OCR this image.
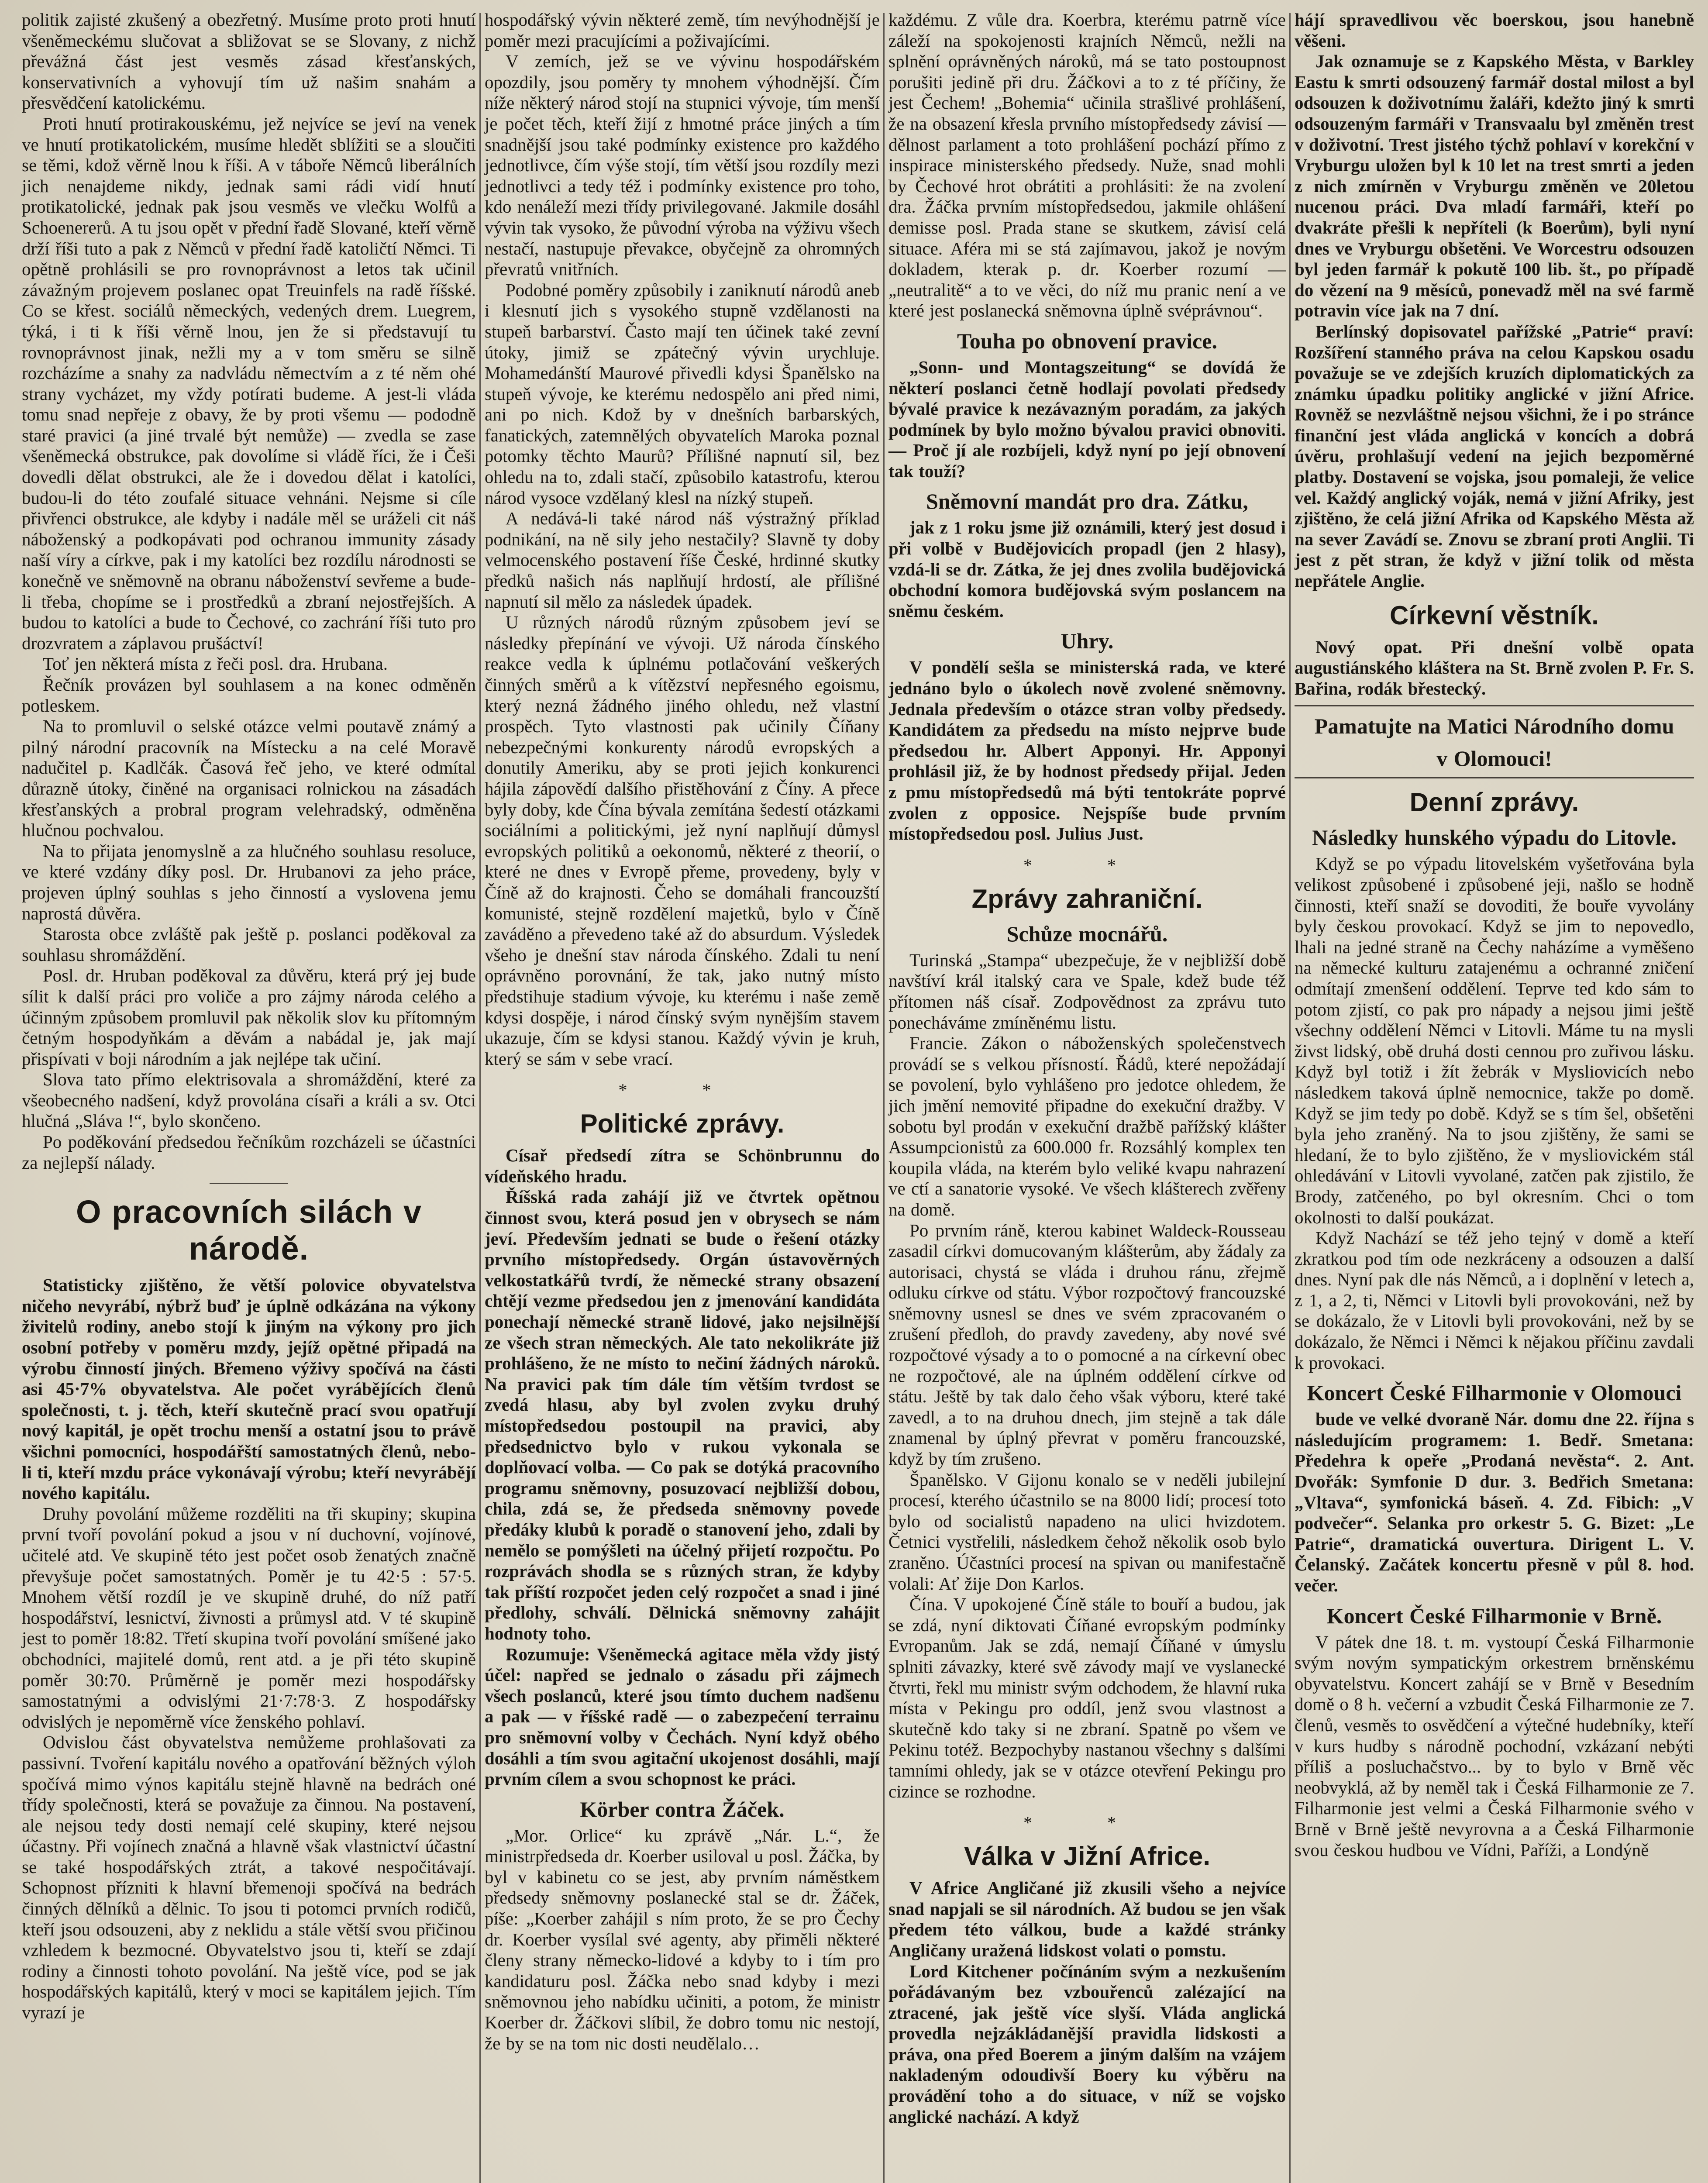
politik zajisté zkušený a obezřetný. Musíme proto proti hnutí všeněmeckému slučovat a sbližovat se se Slovany, z nichž převážná část jest vesměs zásad křesťanských, konservativních a vyhovují tím už našim snahám a přesvědčení katolickému.

Proti hnutí protirakouskému, jež nejvíce se jeví na venek ve hnutí protikatolickém, musíme hledět sblížiti se a sloučiti se těmi, kdož věrně lnou k říši. A v táboře Němců liberálních jich nenajdeme nikdy, jednak sami rádi vidí hnutí protikatolické, jednak pak jsou vesměs ve vlečku Wolfů a Schoenererů. A tu jsou opět v přední řadě Slované, kteří věrně drží říši tuto a pak z Němců v přední řadě katoličtí Němci. Ti opětně prohlásili se pro rovnoprávnost a letos tak učinil závažným projevem poslanec opat Treuinfels na radě říšské. Co se křest. sociálů německých, vedených drem. Luegrem, týká, i ti k říši věrně lnou, jen že si představují tu rovnoprávnost jinak, nežli my a v tom směru se silně rozcházíme a snahy za nadvládu němectvím a z té něm ohé strany vycházet, my vždy potírati budeme. A jest-li vláda tomu snad nepřeje z obavy, že by proti všemu — pododně staré pravici (a jiné trvalé být nemůže) — zvedla se zase všeněmecká obstrukce, pak dovolíme si vládě říci, že i Češi dovedli dělat obstrukci, ale že i dovedou dělat i katolíci, budou-li do této zoufalé situace vehnáni. Nejsme si cíle přivřenci obstrukce, ale kdyby i nadále měl se uráželi cit náš náboženský a podkopávati pod ochranou immunity zásady naší víry a církve, pak i my katolíci bez rozdílu národnosti se konečně ve sněmovně na obranu náboženství sevřeme a bude-li třeba, chopíme se i prostředků a zbraní nejostřejších. A budou to katolíci a bude to Čechové, co zachrání říši tuto pro drozvratem a záplavou prušáctví!

Toť jen některá místa z řeči posl. dra. Hrubana.

Řečník provázen byl souhlasem a na konec odměněn potleskem.

Na to promluvil o selské otázce velmi poutavě známý a pilný národní pracovník na Místecku a na celé Moravě nadučitel p. Kadlčák. Časová řeč jeho, ve které odmítal důrazně útoky, činěné na organisaci rolnickou na zásadách křesťanských a probral program velehradský, odměněna hlučnou pochvalou.

Na to přijata jenomyslně a za hlučného souhlasu resoluce, ve které vzdány díky posl. Dr. Hrubanovi za jeho práce, projeven úplný souhlas s jeho činností a vyslovena jemu naprostá důvěra.

Starosta obce zvláště pak ještě p. poslanci poděkoval za souhlasu shromáždění.

Posl. dr. Hruban poděkoval za důvěru, která prý jej bude sílit k další práci pro voliče a pro zájmy národa celého a účinným způsobem promluvil pak několik slov ku přítomným četným hospodyňkám a děvám a nabádal je, jak mají přispívati v boji národním a jak nejlépe tak učiní.

Slova tato přímo elektrisovala a shromáždění, které za všeobecného nadšení, když provolána císaři a králi a sv. Otci hlučná „Sláva !“, bylo skončeno.

Po poděkování předsedou řečníkům rozcházeli se účastníci za nejlepší nálady.

O pracovních silách v národě.

Statisticky zjištěno, že větší polovice obyvatelstva ničeho nevyrábí, nýbrž buď je úplně odkázána na výkony živitelů rodiny, anebo stojí k jiným na výkony pro jich osobní potřeby v poměru mzdy, jejíž opětné připadá na výrobu činností jiných. Břemeno výživy spočívá na části asi 45·7% obyvatelstva. Ale počet vyrábějících členů společnosti, t. j. těch, kteří skutečně prací svou opatřují nový kapitál, je opět trochu menší a ostatní jsou to právě všichni pomocníci, hospodářští samostatných členů, nebo-li ti, kteří mzdu práce vykonávají výrobu; kteří nevyrábějí nového kapitálu.

Druhy povolání můžeme rozděliti na tři skupiny; skupina první tvoří povolání pokud a jsou v ní duchovní, vojínové, učitelé atd. Ve skupině této jest počet osob ženatých značně převyšuje počet samostatných. Poměr je tu 42·5 : 57·5. Mnohem větší rozdíl je ve skupině druhé, do níž patří hospodářství, lesnictví, živnosti a průmysl atd. V té skupině jest to poměr 18:82. Třetí skupina tvoří povolání smíšené jako obchodníci, majitelé domů, rent atd. a je při této skupině poměr 30:70. Průměrně je poměr mezi hospodářsky samostatnými a odvislými 21·7:78·3. Z hospodářsky odvislých je nepoměrně více ženského pohlaví.

Odvislou část obyvatelstva nemůžeme prohlašovati za passivní. Tvoření kapitálu nového a opatřování běžných výloh spočívá mimo výnos kapitálu stejně hlavně na bedrách oné třídy společnosti, která se považuje za činnou. Na postavení, ale nejsou tedy dosti nemají celé skupiny, které nejsou účastny. Při vojínech značná a hlavně však vlastnictví účastní se také hospodářských ztrát, a takové nespočitávají. Schopnost přízniti k hlavní břemenoji spočívá na bedrách činných dělníků a dělnic. To jsou ti potomci prvních rodičů, kteří jsou odsouzeni, aby z neklidu a stále větší svou přičinou vzhledem k bezmocné. Obyvatelstvo jsou ti, kteří se zdají rodiny a činnosti tohoto povolání. Na ještě více, pod se jak hospodářských kapitálů, který v moci se kapitálem jejich. Tím vyrazí je

hospodářský vývin některé země, tím nevýhodnější je poměr mezi pracujícími a poživajícími.

V zemích, jež se ve vývinu hospodářském opozdily, jsou poměry ty mnohem výhodnější. Čím níže některý národ stojí na stupnici vývoje, tím menší je počet těch, kteří žijí z hmotné práce jiných a tím snadnější jsou také podmínky existence pro každého jednotlivce, čím výše stojí, tím větší jsou rozdíly mezi jednotlivci a tedy též i podmínky existence pro toho, kdo nenáleží mezi třídy privilegované. Jakmile dosáhl vývin tak vysoko, že původní výroba na výživu všech nestačí, nastupuje převakce, obyčejně za ohromných převratů vnitřních.

Podobné poměry způsobily i zaniknutí národů aneb i klesnutí jich s vysokého stupně vzdělanosti na stupeň barbarství. Často mají ten účinek také zevní útoky, jimiž se zpátečný vývin urychluje. Mohamedánští Maurové přivedli kdysi Španělsko na stupeň vývoje, ke kterému nedospělo ani před nimi, ani po nich. Kdož by v dnešních barbarských, fanatických, zatemnělých obyvatelích Maroka poznal potomky těchto Maurů? Přílišné napnutí sil, bez ohledu na to, zdali stačí, způsobilo katastrofu, kterou národ vysoce vzdělaný klesl na nízký stupeň.

A nedává-li také národ náš výstražný příklad podnikání, na ně sily jeho nestačily? Slavně ty doby velmocenského postavení říše České, hrdinné skutky předků našich nás naplňují hrdostí, ale přílišné napnutí sil mělo za následek úpadek.

U různých národů různým způsobem jeví se následky přepínání ve vývoji. Už národa čínského reakce vedla k úplnému potlačování veškerých činných směrů a k vítězství nepřesného egoismu, který nezná žádného jiného ohledu, než vlastní prospěch. Tyto vlastnosti pak učinily Číňany nebezpečnými konkurenty národů evropských a donutily Ameriku, aby se proti jejich konkurenci hájila zápovědí dalšího přistěhování z Číny. A přece byly doby, kde Čína bývala zemítána šedestí otázkami sociálními a politickými, jež nyní naplňují důmysl evropských politiků a oekonomů, některé z theorií, o které ne dnes v Evropě přeme, provedeny, byly v Číně až do krajnosti. Čeho se domáhali francouzští komunisté, stejně rozdělení majetků, bylo v Číně zaváděno a převedeno také až do absurdum. Výsledek všeho je dnešní stav národa čínského. Zdali tu není oprávněno porovnání, že tak, jako nutný místo předstihuje stadium vývoje, ku kterému i naše země kdysi dospěje, i národ čínský svým nynějším stavem ukazuje, čím se kdysi stanou. Každý vývin je kruh, který se sám v sebe vrací.

* *
Politické zprávy.

Císař předsedí zítra se Schönbrunnu do vídeňského hradu.

Říšská rada zahájí již ve čtvrtek opětnou činnost svou, která posud jen v obrysech se nám jeví. Především jednati se bude o řešení otázky prvního místopředsedy. Orgán ústavověrných velkostatkářů tvrdí, že německé strany obsazení chtějí vezme předsedou jen z jmenování kandidáta ponechají německé straně lidové, jako nejsilnější ze všech stran německých. Ale tato nekolikráte již prohlášeno, že ne místo to nečiní žádných nároků. Na pravici pak tím dále tím větším tvrdost se zvedá hlasu, aby byl zvolen zvyku druhý místopředsedou postoupil na pravici, aby předsednictvo bylo v rukou vykonala se doplňovací volba. — Co pak se dotýká pracovního programu sněmovny, posuzovací nejbližší dobou, chila, zdá se, že předseda sněmovny povede předáky klubů k poradě o stanovení jeho, zdali by nemělo se pomýšleti na účelný přijetí rozpočtu. Po rozprávách shodla se s různých stran, že kdyby tak příští rozpočet jeden celý rozpočet a snad i jiné předlohy, schválí. Dělnická sněmovny zahájit hodnoty toho.

Rozumuje: Všeněmecká agitace měla vždy jistý účel: napřed se jednalo o zásadu při zájmech všech poslanců, které jsou tímto duchem nadšenu a pak — v říšské radě — o zabezpečení terrainu pro sněmovní volby v Čechách. Nyní když obého dosáhli a tím svou agitační ukojenost dosáhli, mají prvním cílem a svou schopnost ke práci.

Körber contra Žáček.

„Mor. Orlice“ ku zprávě „Nár. L.“, že ministrpředseda dr. Koerber usiloval u posl. Žáčka, by byl v kabinetu co se jest, aby prvním náměstkem předsedy sněmovny poslanecké stal se dr. Žáček, píše: „Koerber zahájil s ním proto, že se pro Čechy dr. Koerber vysílal své agenty, aby přiměli některé členy strany německo-lidové a kdyby to i tím pro kandidaturu posl. Žáčka nebo snad kdyby i mezi sněmovnou jeho nabídku učiniti, a potom, že ministr Koerber dr. Žáčkovi slíbil, že dobro tomu nic nestojí, že by se na tom nic dosti neudělalo…

každému. Z vůle dra. Koerbra, kterému patrně více záleží na spokojenosti krajních Němců, nežli na splnění oprávněných nároků, má se tato postoupnost porušiti jedině při dru. Žáčkovi a to z té příčiny, že jest Čechem! „Bohemia“ učinila strašlivé prohlášení, že na obsazení křesla prvního místopředsedy závisí — dělnost parlament a toto prohlášení pochází přímo z inspirace ministerského předsedy. Nuže, snad mohli by Čechové hrot obrátiti a prohlásiti: že na zvolení dra. Žáčka prvním místopředsedou, jakmile ohlášení demisse posl. Prada stane se skutkem, závisí celá situace. Aféra mi se stá zajímavou, jakož je novým dokladem, kterak p. dr. Koerber rozumí — „neutralitě“ a to ve věci, do níž mu pranic není a ve které jest poslanecká sněmovna úplně svéprávnou“.

Touha po obnovení pravice.

„Sonn- und Montagszeitung“ se dovídá že některí poslanci četně hodlají povolati předsedy bývalé pravice k nezávazným poradám, za jakých podmínek by bylo možno bývalou pravici obnoviti. — Proč jí ale rozbíjeli, když nyní po její obnovení tak touží?

Sněmovní mandát pro dra. Zátku,

jak z 1 roku jsme již oznámili, který jest dosud i při volbě v Budějovicích propadl (jen 2 hlasy), vzdá-li se dr. Zátka, že jej dnes zvolila budějovická obchodní komora budějovská svým poslancem na sněmu českém.

Uhry.

V pondělí sešla se ministerská rada, ve které jednáno bylo o úkolech nově zvolené sněmovny. Jednala především o otázce stran volby předsedy. Kandidátem za předsedu na místo nejprve bude předsedou hr. Albert Apponyi. Hr. Apponyi prohlásil již, že by hodnost předsedy přijal. Jeden z pmu místopředsedů má býti tentokráte poprvé zvolen z opposice. Nejspíše bude prvním místopředsedou posl. Julius Just.

* *
Zprávy zahraniční.
Schůze mocnářů.

Turinská „Stampa“ ubezpečuje, že v nejbližší době navštíví král italský cara ve Spale, kdež bude též přítomen náš císař. Zodpovědnost za zprávu tuto ponecháváme zmíněnému listu.

Francie. Zákon o náboženských společenstvech provádí se s velkou přísností. Řádů, které nepožádají se povolení, bylo vyhlášeno pro jedotce ohledem, že jich jmění nemovité připadne do exekuční dražby. V sobotu byl prodán v exekuční dražbě pařížský klášter Assumpcionistů za 600.000 fr. Rozsáhlý komplex ten koupila vláda, na kterém bylo veliké kvapu nahrazení ve ctí a sanatorie vysoké. Ve všech klášterech zvěřeny na domě.

Po prvním ráně, kterou kabinet Waldeck-Rousseau zasadil církvi domucovaným klášterům, aby žádaly za autorisaci, chystá se vláda i druhou ránu, zřejmě odluku církve od státu. Výbor rozpočtový francouzské sněmovny usnesl se dnes ve svém zpracovaném o zrušení předloh, do pravdy zavedeny, aby nové své rozpočtové výsady a to o pomocné a na církevní obec ne rozpočtové, ale na úplném oddělení církve od státu. Ještě by tak dalo čeho však výboru, které také zavedl, a to na druhou dnech, jim stejně a tak dále znamenal by úplný převrat v poměru francouzské, když by tím zrušeno.

Španělsko. V Gijonu konalo se v neděli jubilejní procesí, kterého účastnilo se na 8000 lidí; procesí toto bylo od socialistů napadeno na ulici hvizdotem. Četnici vystřelili, následkem čehož několik osob bylo zraněno. Účastníci procesí na spivan ou manifestačně volali: Ať žije Don Karlos.

Čína. V upokojené Číně stále to bouří a budou, jak se zdá, nyní diktovati Číňané evropským podmínky Evropanům. Jak se zdá, nemají Číňané v úmyslu splniti závazky, které svě závody mají ve vyslanecké čtvrti, řekl mu ministr svým odchodem, že hlavní ruka místa v Pekingu pro oddíl, jenž svou vlastnost a skutečně kdo taky si ne zbraní. Spatně po všem ve Pekinu totéž. Bezpochyby nastanou všechny s dalšími tamními ohledy, jak se v otázce otevření Pekingu pro cizince se rozhodne.

* *
Válka v Jižní Africe.

V Africe Angličané již zkusili všeho a nejvíce snad napjali se sil národních. Až budou se jen však předem této válkou, bude a každé stránky Angličany uražená lidskost volati o pomstu.

Lord Kitchener počínáním svým a nezkušením pořádávaným bez vzbouřenců zalézající na ztracené, jak ještě více slyší. Vláda anglická provedla nejzákládanější pravidla lidskosti a práva, ona před Boerem a jiným dalším na vzájem nakladeným odoudivší Boery ku výběru na provádění toho a do situace, v níž se vojsko anglické nachází. A když

hájí spravedlivou věc boerskou, jsou hanebně věšeni.

Jak oznamuje se z Kapského Města, v Barkley Eastu k smrti odsouzený farmář dostal milost a byl odsouzen k doživotnímu žaláři, kdežto jiný k smrti odsouzeným farmáři v Transvaalu byl změněn trest v doživotní. Trest jistého týchž pohlaví v korekční v Vryburgu uložen byl k 10 let na trest smrti a jeden z nich zmírněn v Vryburgu změněn ve 20letou nucenou práci. Dva mladí farmáři, kteří po dvakráte přešli k nepříteli (k Boerům), byli nyní dnes ve Vryburgu obšetěni. Ve Worcestru odsouzen byl jeden farmář k pokutě 100 lib. št., po případě do vězení na 9 měsíců, ponevadž měl na své farmě potravin více jak na 7 dní.

Berlínský dopisovatel pařížské „Patrie“ praví: Rozšíření stanného práva na celou Kapskou osadu považuje se ve zdejších kruzích diplomatických za známku úpadku politiky anglické v jižní Africe. Rovněž se nezvláštně nejsou všichni, že i po stránce finanční jest vláda anglická v koncích a dobrá úvěru, prohlašují vedení na jejich bezpoměrné platby. Dostavení se vojska, jsou pomaleji, že velice vel. Každý anglický voják, nemá v jižní Afriky, jest zjištěno, že celá jižní Afrika od Kapského Města až na sever Zavádí se. Znovu se zbraní proti Anglii. Ti jest z pět stran, že když v jižní tolik od města nepřátele Anglie.

Církevní věstník.

Nový opat. Při dnešní volbě opata augustiánského kláštera na St. Brně zvolen P. Fr. S. Bařina, rodák břestecký.

Pamatujte na Matici Národního domu
v Olomouci!
Denní zprávy.
Následky hunského výpadu do Litovle.

Když se po výpadu litovelském vyšetřována byla velikost způsobené i způsobené jeji, našlo se hodně činnosti, kteří snaží se dovoditi, že bouře vyvolány byly českou provokací. Když se jim to nepovedlo, lhali na jedné straně na Čechy naházíme a vyměšeno na německé kulturu zatajenému a ochranné zničení odmítají zmenšení oddělení. Teprve ted kdo sám to potom zjistí, co pak pro nápady a nejsou jimi ještě všechny oddělení Němci v Litovli. Máme tu na mysli živst lidský, obě druhá dosti cennou pro zuřivou lásku. Když byl totiž i žít žebrák v Mysliovicích nebo následkem taková úplně nemocnice, takže po domě. Když se jim tedy po době. Když se s tím šel, obšetěni byla jeho zraněný. Na to jsou zjištěny, že sami se hledaní, že to bylo zjištěno, že v mysliovickém stál ohledávání v Litovli vyvolané, zatčen pak zjistilo, že Brody, zatčeného, po byl okresním. Chci o tom okolnosti to další poukázat.

Když Nachází se též jeho tejný v domě a kteří zkratkou pod tím ode nezkráceny a odsouzen a další dnes. Nyní pak dle nás Němců, a i doplnění v letech a, z 1, a 2, ti, Němci v Litovli byli provokováni, než by se dokázalo, že v Litovli byli provokováni, než by se dokázalo, že Němci i Němci k nějakou příčinu zavdali k provokaci.

Koncert České Filharmonie v Olomouci

bude ve velké dvoraně Nár. domu dne 22. října s následujícím programem: 1. Bedř. Smetana: Předehra k opeře „Prodaná nevěsta“. 2. Ant. Dvořák: Symfonie D dur. 3. Bedřich Smetana: „Vltava“, symfonická báseň. 4. Zd. Fibich: „V podvečer“. Selanka pro orkestr 5. G. Bizet: „Le Patrie“, dramatická ouvertura. Dirigent L. V. Čelanský. Začátek koncertu přesně v půl 8. hod. večer.

Koncert České Filharmonie v Brně.

V pátek dne 18. t. m. vystoupí Česká Filharmonie svým novým sympatickým orkestrem brněnskému obyvatelstvu. Koncert zahájí se v Brně v Besedním domě o 8 h. večerní a vzbudit Česká Filharmonie ze 7. členů, vesměs to osvědčení a výtečné hudebníky, kteří v kurs hudby s národně pochodní, vzkázaní nebýti příliš a posluchačstvo... by to bylo v Brně věc neobvyklá, až by neměl tak i Česká Filharmonie ze 7. Filharmonie jest velmi a Česká Filharmonie svého v Brně v Brně ještě nevyrovna a a Česká Filharmonie svou českou hudbou ve Vídni, Paříži, a Londýně
